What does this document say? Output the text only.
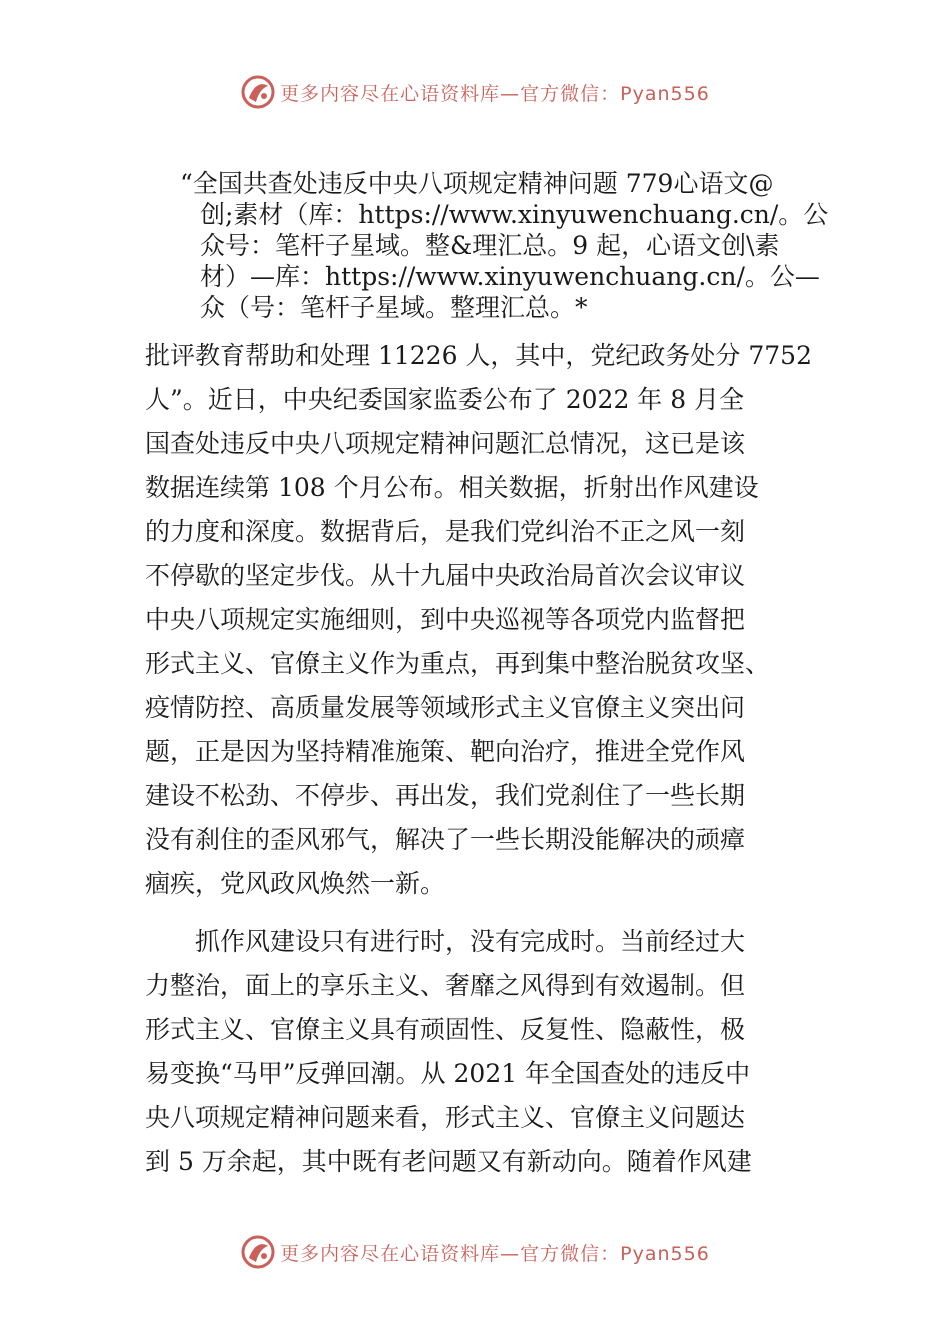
更多内容尽在心语资料库—官方微信：Pyan556
“全国共查处违反中央八项规定精神问题 779心语文@
创;素材（库：https://www.xinyuwenchuang.cn/。公
众号：笔杆子星域。整&理汇总。9 起，心语文创\素
材）—库：https://www.xinyuwenchuang.cn/。公—
众（号：笔杆子星域。整理汇总。*
批评教育帮助和处理 11226 人，其中，党纪政务处分 7752
人”。近日，中央纪委国家监委公布了 2022 年 8 月全
国查处违反中央八项规定精神问题汇总情况，这已是该
数据连续第 108 个月公布。相关数据，折射出作风建设
的力度和深度。数据背后，是我们党纠治不正之风一刻
不停歇的坚定步伐。从十九届中央政治局首次会议审议
中央八项规定实施细则，到中央巡视等各项党内监督把
形式主义、官僚主义作为重点，再到集中整治脱贫攻坚、
疫情防控、高质量发展等领域形式主义官僚主义突出问
题，正是因为坚持精准施策、靶向治疗，推进全党作风
建设不松劲、不停步、再出发，我们党刹住了一些长期
没有刹住的歪风邪气，解决了一些长期没能解决的顽瘴
痼疾，党风政风焕然一新。
　　抓作风建设只有进行时，没有完成时。当前经过大
力整治，面上的享乐主义、奢靡之风得到有效遏制。但
形式主义、官僚主义具有顽固性、反复性、隐蔽性，极
易变换“马甲”反弹回潮。从 2021 年全国查处的违反中
央八项规定精神问题来看，形式主义、官僚主义问题达
到 5 万余起，其中既有老问题又有新动向。随着作风建
更多内容尽在心语资料库—官方微信：Pyan556
